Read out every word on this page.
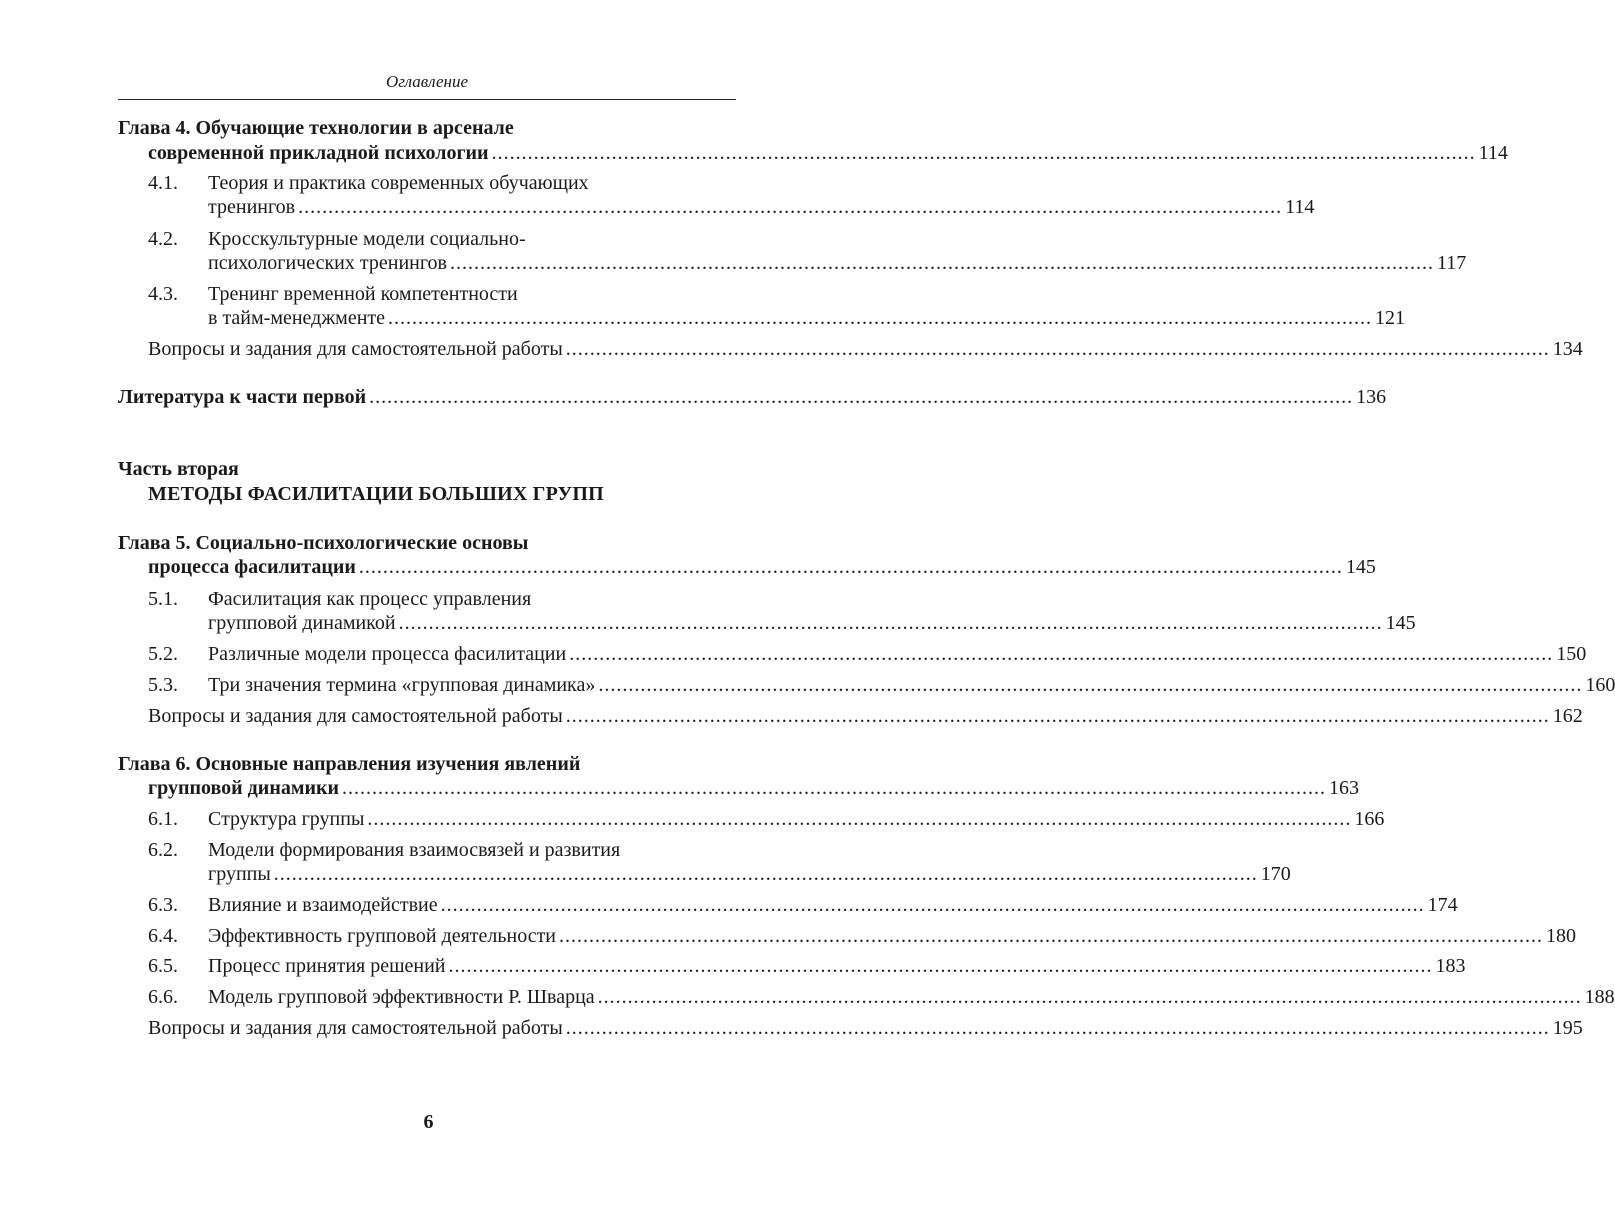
Оглавление
Глава 4. Обучающие технологии в арсенале
современной прикладной психологии .................................................................................................................................................................... 114
4.1. Теория и практика современных обучающих
тренингов .................................................................................................................................................................... 114
4.2. Кросскультурные модели социально-
психологических тренингов .................................................................................................................................................................... 117
4.3. Тренинг временной компетентности
в тайм-менеджменте .................................................................................................................................................................... 121
Вопросы и задания для самостоятельной работы .................................................................................................................................................................... 134
Литература к части первой .................................................................................................................................................................... 136
Часть вторая
МЕТОДЫ ФАСИЛИТАЦИИ БОЛЬШИХ ГРУПП
Глава 5. Социально-психологические основы
процесса фасилитации .................................................................................................................................................................... 145
5.1. Фасилитация как процесс управления
групповой динамикой .................................................................................................................................................................... 145
5.2. Различные модели процесса фасилитации .................................................................................................................................................................... 150
5.3. Три значения термина «групповая динамика» .................................................................................................................................................................... 160
Вопросы и задания для самостоятельной работы .................................................................................................................................................................... 162
Глава 6. Основные направления изучения явлений
групповой динамики .................................................................................................................................................................... 163
6.1. Структура группы .................................................................................................................................................................... 166
6.2. Модели формирования взаимосвязей и развития
группы .................................................................................................................................................................... 170
6.3. Влияние и взаимодействие .................................................................................................................................................................... 174
6.4. Эффективность групповой деятельности .................................................................................................................................................................... 180
6.5. Процесс принятия решений .................................................................................................................................................................... 183
6.6. Модель групповой эффективности Р. Шварца .................................................................................................................................................................... 188
Вопросы и задания для самостоятельной работы .................................................................................................................................................................... 195
6
